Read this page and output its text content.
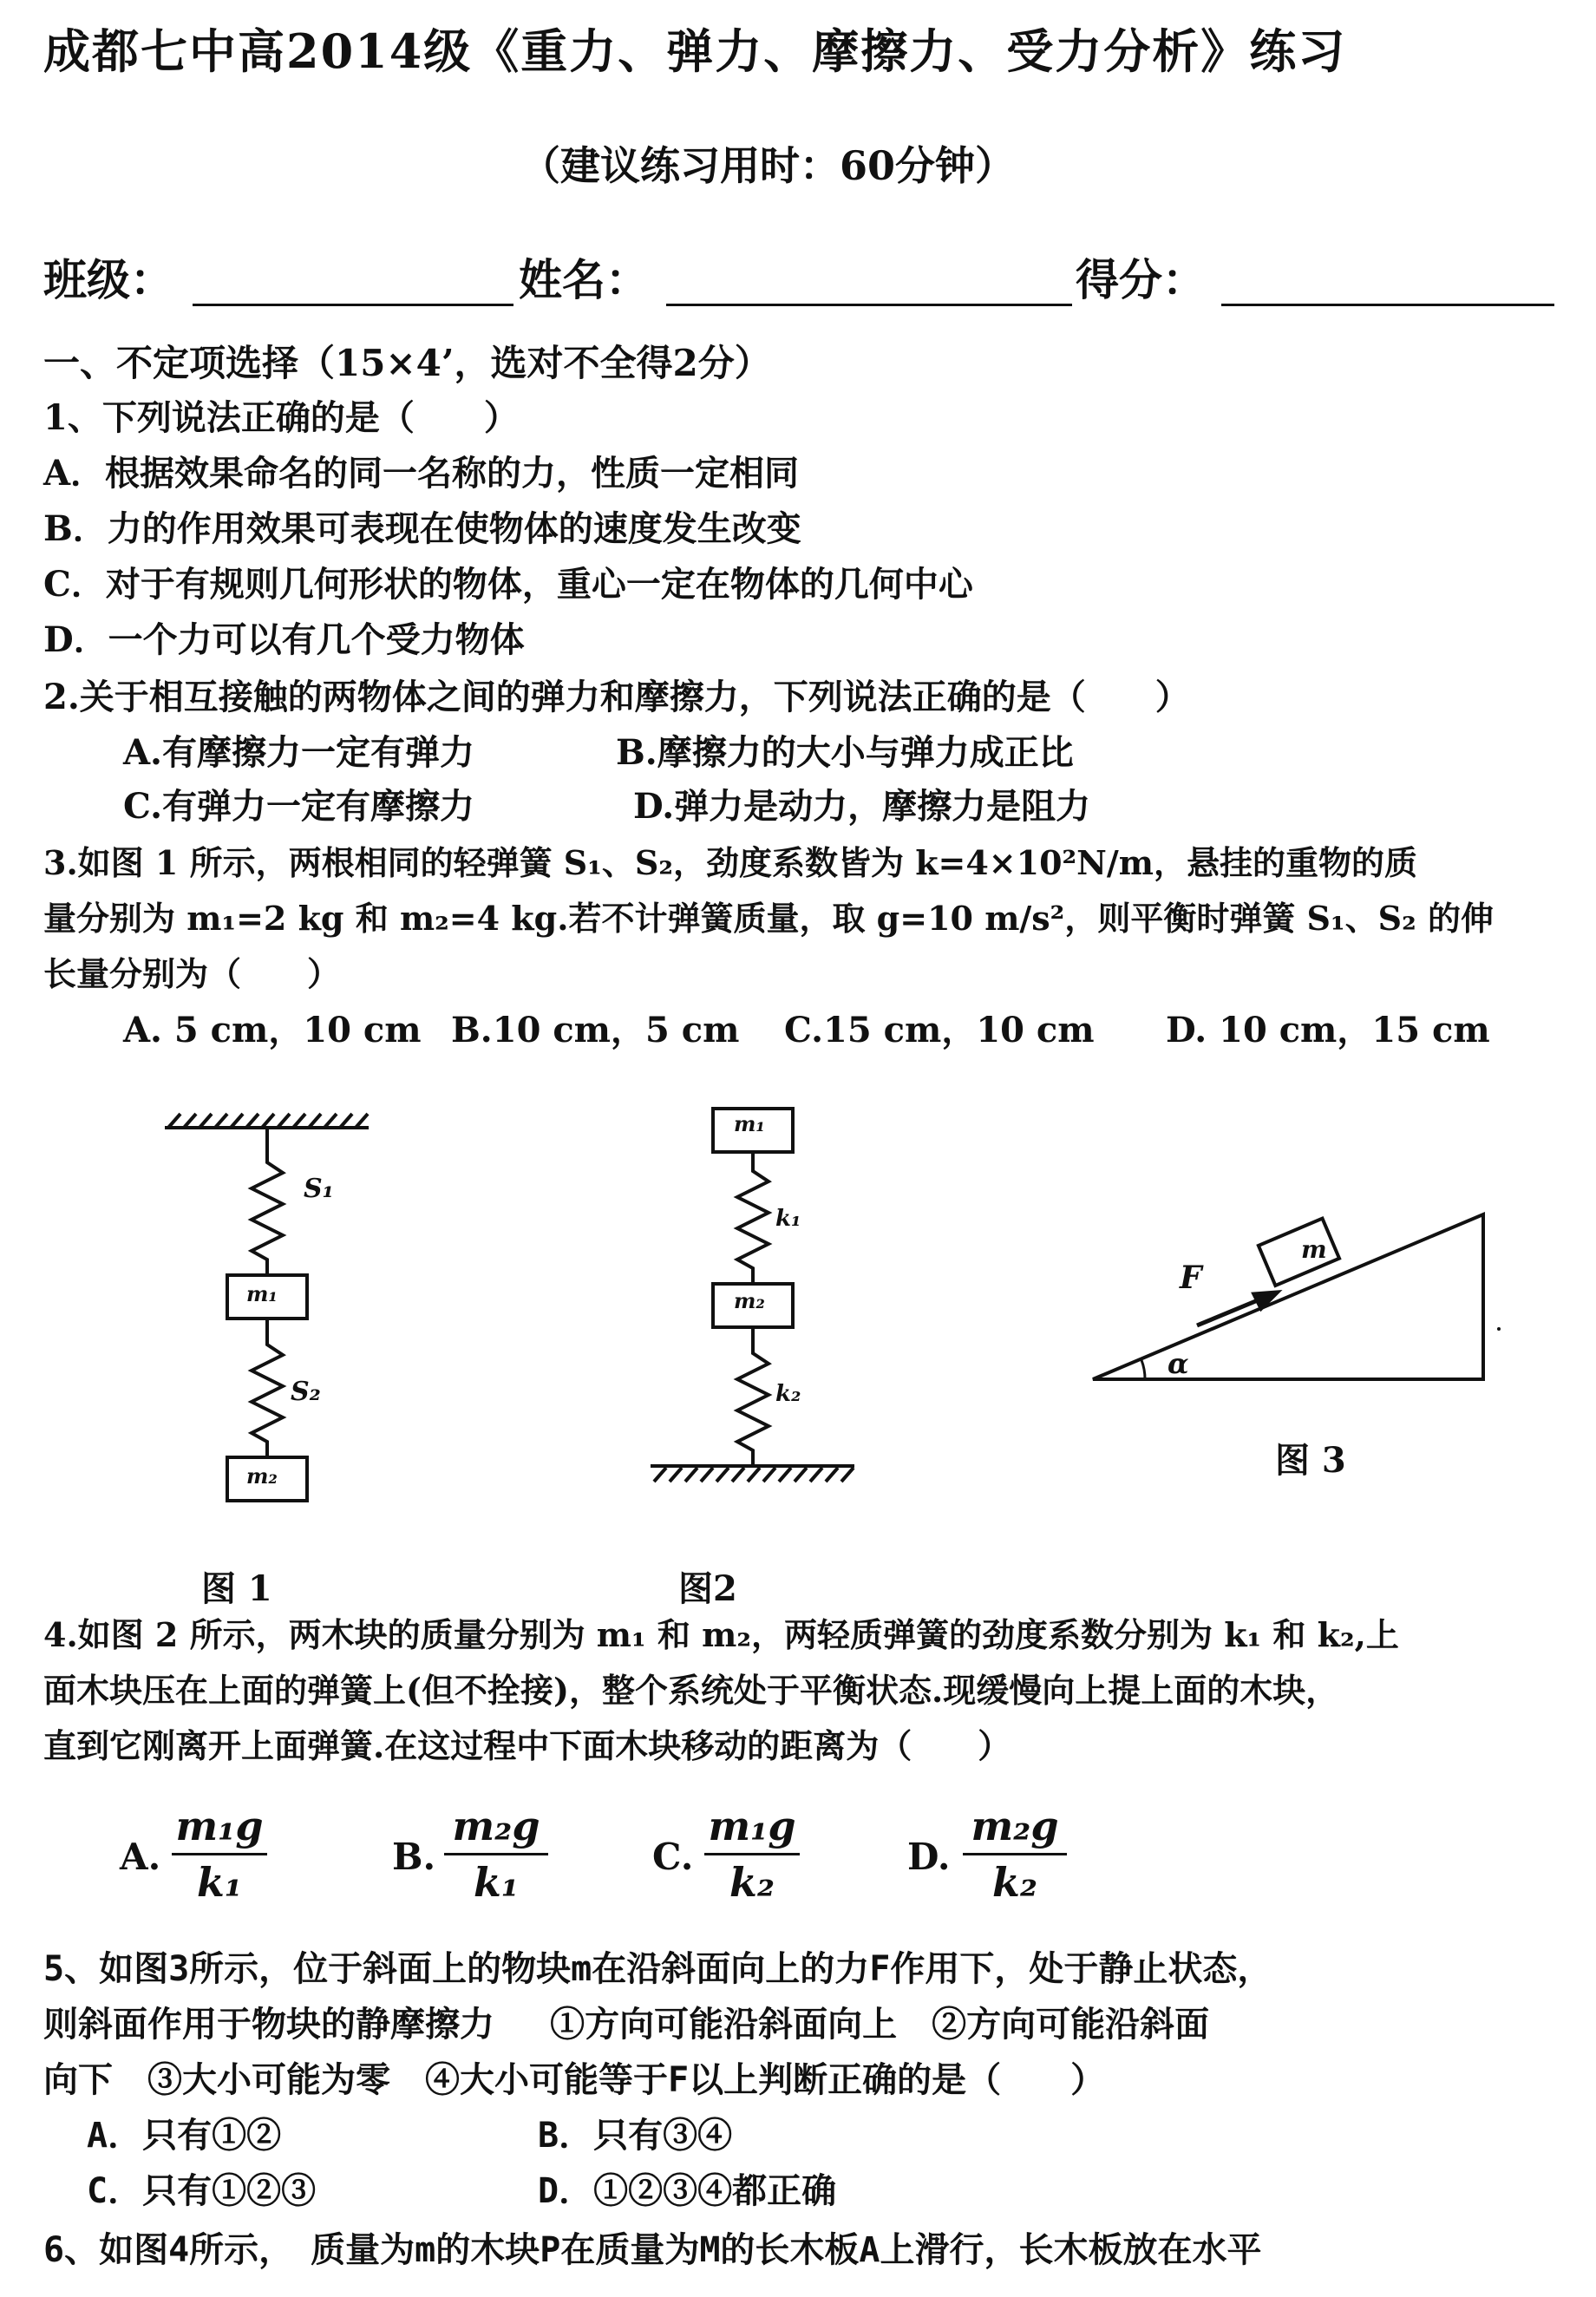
成都七中高2014级《重力、弹力、摩擦力、受力分析》练习
（建议练习用时：60分钟）
班级：	姓名：	得分：
一、不定项选择（15×4’，选对不全得2分）
1、下列说法正确的是（　　）
A．根据效果命名的同一名称的力，性质一定相同
B．力的作用效果可表现在使物体的速度发生改变
C．对于有规则几何形状的物体，重心一定在物体的几何中心
D．一个力可以有几个受力物体
2.关于相互接触的两物体之间的弹力和摩擦力，下列说法正确的是（　　）
A.有摩擦力一定有弹力	B.摩擦力的大小与弹力成正比
C.有弹力一定有摩擦力	D.弹力是动力，摩擦力是阻力
3.如图 1 所示，两根相同的轻弹簧 S₁、S₂，劲度系数皆为 k=4×10²N/m，悬挂的重物的质
量分别为 m₁=2 kg 和 m₂=4 kg.若不计弹簧质量，取 g=10 m/s²，则平衡时弹簧 S₁、S₂ 的伸
长量分别为（　　）
A. 5 cm，10 cm B.10 cm，5 cm C.15 cm，10 cm D. 10 cm，15 cm
S₁
S₂
m₁
m₂
图 1
m₁
m₂
k₁
k₂
图2
F
m
α
图 3
4.如图 2 所示，两木块的质量分别为 m₁ 和 m₂，两轻质弹簧的劲度系数分别为 k₁ 和 k₂,上
面木块压在上面的弹簧上(但不拴接)，整个系统处于平衡状态.现缓慢向上提上面的木块，
直到它刚离开上面弹簧.在这过程中下面木块移动的距离为（　　）
A.
m₁g
k₁
B.
m₂g
k₁
C.
m₁g
k₂
D.
m₂g
k₂
5、如图3所示，位于斜面上的物块m在沿斜面向上的力F作用下，处于静止状态，
则斜面作用于物块的静摩擦力　 ①方向可能沿斜面向上　②方向可能沿斜面
向下　③大小可能为零　④大小可能等于F以上判断正确的是（　　）
A．只有①②	B．只有③④
C．只有①②③	D．①②③④都正确
6、如图4所示，　质量为m的木块P在质量为M的长木板A上滑行，长木板放在水平
